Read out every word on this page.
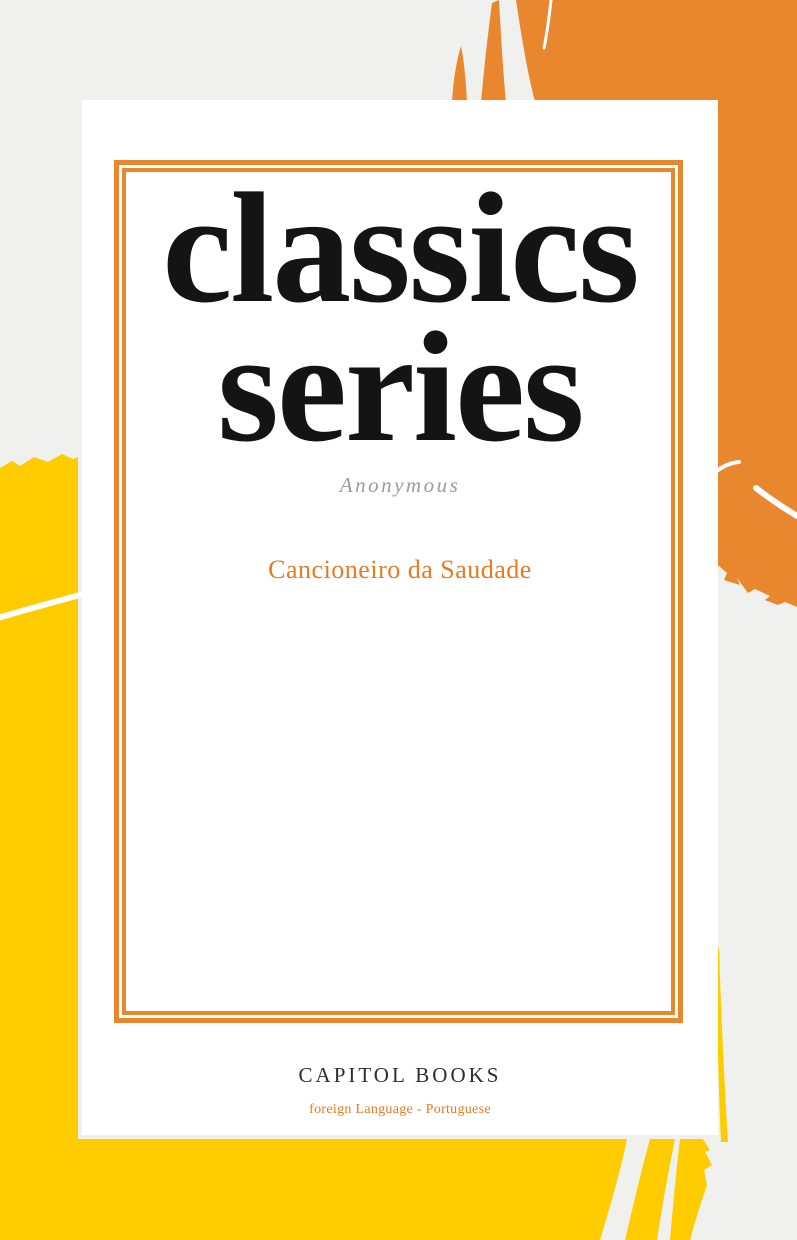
classics
series
Anonymous
Cancioneiro da Saudade
CAPITOL BOOKS
foreign Language - Portuguese
